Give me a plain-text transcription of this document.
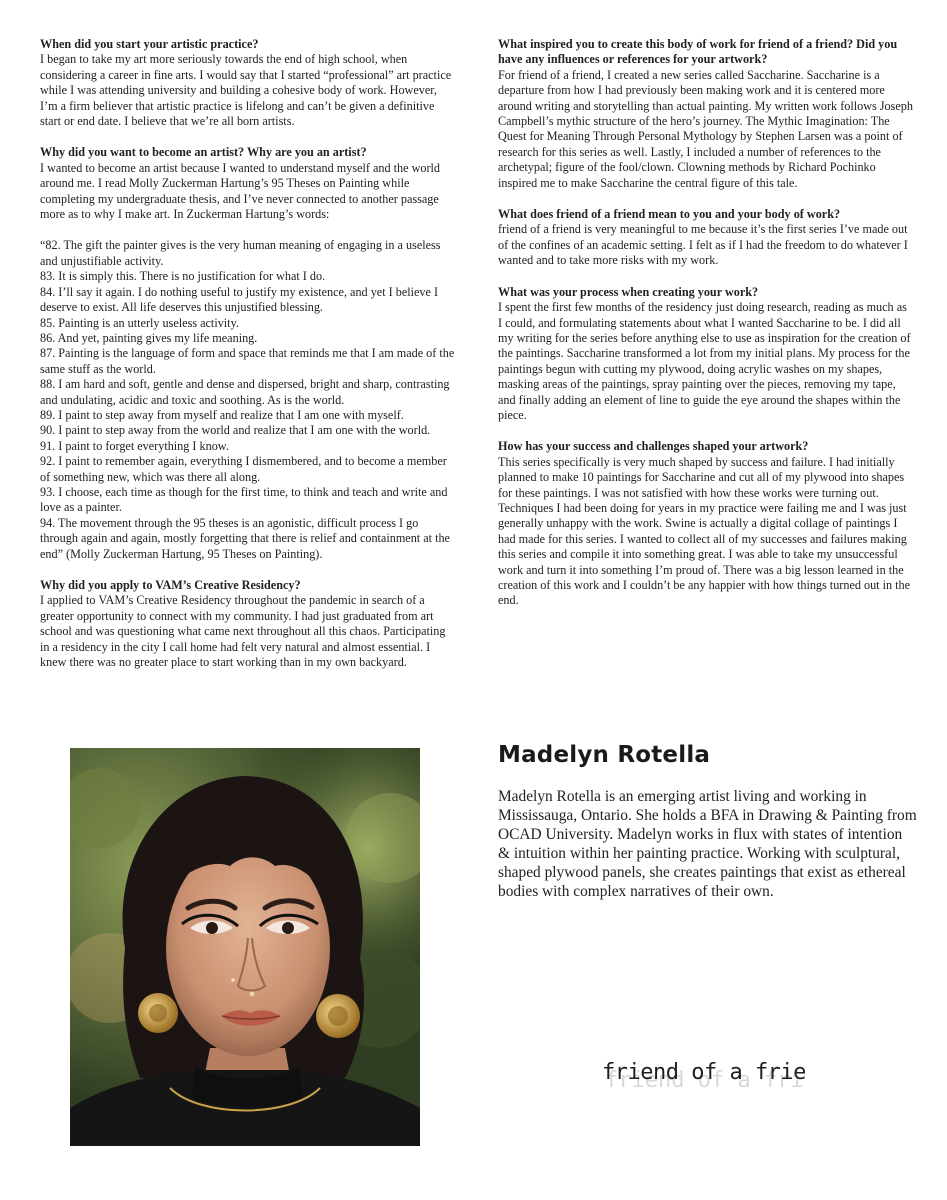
When did you start your artistic practice?

I began to take my art more seriously towards the end of high school, when considering a career in fine arts. I would say that I started “professional” art practice while I was attending university and building a cohesive body of work. However, I’m a firm believer that artistic practice is lifelong and can’t be given a definitive start or end date. I believe that we’re all born artists.

Why did you want to become an artist? Why are you an artist?

I wanted to become an artist because I wanted to understand myself and the world around me. I read Molly Zuckerman Hartung’s 95 Theses on Painting while completing my undergraduate thesis, and I’ve never connected to another passage more as to why I make art. In Zuckerman Hartung’s words:

“82. The gift the painter gives is the very human meaning of engaging in a useless and unjustifiable activity.

83. It is simply this. There is no justification for what I do.

84. I’ll say it again. I do nothing useful to justify my existence, and yet I believe I deserve to exist. All life deserves this unjustified blessing.

85. Painting is an utterly useless activity.

86. And yet, painting gives my life meaning.

87. Painting is the language of form and space that reminds me that I am made of the same stuff as the world.

88. I am hard and soft, gentle and dense and dispersed, bright and sharp, contrasting and undulating, acidic and toxic and soothing. As is the world.

89. I paint to step away from myself and realize that I am one with myself.

90. I paint to step away from the world and realize that I am one with the world.

91. I paint to forget everything I know.

92. I paint to remember again, everything I dismembered, and to become a member of something new, which was there all along.

93. I choose, each time as though for the first time, to think and teach and write and love as a painter.

94. The movement through the 95 theses is an agonistic, difficult process I go through again and again, mostly forgetting that there is relief and containment at the end” (Molly Zuckerman Hartung, 95 Theses on Painting).

Why did you apply to VAM’s Creative Residency?

I applied to VAM’s Creative Residency throughout the pandemic in search of a greater opportunity to connect with my community. I had just graduated from art school and was questioning what came next throughout all this chaos. Participating in a residency in the city I call home had felt very natural and almost essential. I knew there was no greater place to start working than in my own backyard.

What inspired you to create this body of work for friend of a friend? Did you have any influences or references for your artwork?

For friend of a friend, I created a new series called Saccharine. Saccharine is a departure from how I had previously been making work and it is centered more around writing and storytelling than actual painting. My written work follows Joseph Campbell’s mythic structure of the hero’s journey. The Mythic Imagination: The Quest for Meaning Through Personal Mythology by Stephen Larsen was a point of research for this series as well. Lastly, I included a number of references to the archetypal; figure of the fool/clown. Clowning methods by Richard Pochinko inspired me to make Saccharine the central figure of this tale.

What does friend of a friend mean to you and your body of work?

friend of a friend is very meaningful to me because it’s the first series I’ve made out of the confines of an academic setting. I felt as if I had the freedom to do whatever I wanted and to take more risks with my work.

What was your process when creating your work?

I spent the first few months of the residency just doing research, reading as much as I could, and formulating statements about what I wanted Saccharine to be. I did all my writing for the series before anything else to use as inspiration for the creation of the paintings. Saccharine transformed a lot from my initial plans. My process for the paintings begun with cutting my plywood, doing acrylic washes on my shapes, masking areas of the paintings, spray painting over the pieces, removing my tape, and finally adding an element of line to guide the eye around the shapes within the piece.

How has your success and challenges shaped your artwork?

This series specifically is very much shaped by success and failure. I had initially planned to make 10 paintings for Saccharine and cut all of my plywood into shapes for these paintings. I was not satisfied with how these works were turning out. Techniques I had been doing for years in my practice were failing me and I was just generally unhappy with the work. Swine is actually a digital collage of paintings I had made for this series. I wanted to collect all of my successes and failures making this series and compile it into something great. I was able to take my unsuccessful work and turn it into something I’m proud of. There was a big lesson learned in the creation of this work and I couldn’t be any happier with how things turned out in the end.

Madelyn Rotella

Madelyn Rotella is an emerging artist living and working in Mississauga, Ontario. She holds a BFA in Drawing & Painting from OCAD University. Madelyn works in flux with states of intention & intuition within her painting practice. Working with sculptural, shaped plywood panels, she creates paintings that exist as ethereal bodies with complex narratives of their own.

friend of a fri
friend of a frie
